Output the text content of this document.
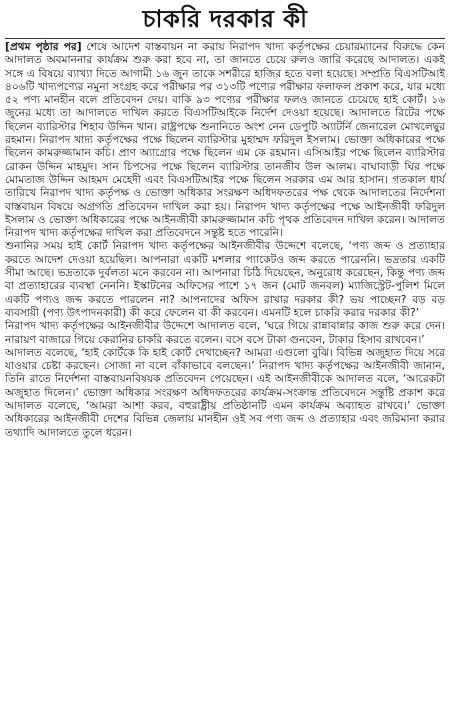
চাকরি দরকার কী

[প্রথম পৃষ্ঠার পর] শেষে আদেশ বাস্তবায়ন না করায় নিরাপদ খাদ্য কর্তৃপক্ষের চেয়ারম্যানের বিরুদ্ধে কেন আদালত অবমাননার কার্যক্রম শুরু করা হবে না, তা জানতে চেয়ে রুলও জারি করেছে আদালত। একই সঙ্গে এ বিষয়ে ব্যাখ্যা দিতে আগামী ১৬ জুন তাকে সশরীরে হাজির হতে বলা হয়েছে। সম্প্রতি বিএসটিআই ৪০৬টি খাদ্যপণ্যের নমুনা সংগ্রহ করে পরীক্ষার পর ৩১৩টি পণ্যের পরীক্ষার ফলাফল প্রকাশ করে, যার মধ্যে ৫২ পণ্য মানহীন বলে প্রতিবেদন দেয়। বাকি ৯৩ পণ্যের পরীক্ষার ফলও জানতে চেয়েছে হাই কোর্ট। ১৬ জুনের মধ্যে তা আদালতে দাখিল করতে বিএসটিআইকে নির্দেশ দেওয়া হয়েছে। আদালতে রিটের পক্ষে ছিলেন ব্যারিস্টার শিহাব উদ্দিন খান। রাষ্ট্রপক্ষে শুনানিতে অংশ নেন ডেপুটি অ্যাটর্নি জেনারেল মোখলেছুর রহমান। নিরাপদ খাদ্য কর্তৃপক্ষের পক্ষে ছিলেন ব্যারিস্টার মুহাম্মদ ফরিদুল ইসলাম। ভোক্তা অধিকারের পক্ষে ছিলেন কামরুজ্জামান কচি। প্রাণ অ্যাগ্রোর পক্ষে ছিলেন এম কে রহমান। এসিআইর পক্ষে ছিলেন ব্যারিস্টার রোকন উদ্দিন মাহমুদ। সান চিপসের পক্ষে ছিলেন ব্যারিস্টার তানজীব উল আলম। বাঘাবাড়ী ঘির পক্ষে মোমতাজ উদ্দিন আহমদ মেহেদী এবং বিএসটিআইর পক্ষে ছিলেন সরকার এম আর হাসান। গতকাল ধার্য তারিখে নিরাপদ খাদ্য কর্তৃপক্ষ ও ভোক্তা অধিকার সংরক্ষণ অধিদফতরের পক্ষ থেকে আদালতের নির্দেশনা বাস্তবায়ন বিষয়ে অগ্রগতি প্রতিবেদন দাখিল করা হয়। নিরাপদ খাদ্য কর্তৃপক্ষের পক্ষে আইনজীবী ফরিদুল ইসলাম ও ভোক্তা অধিকারের পক্ষে আইনজীবী কামরুজ্জামান কচি পৃথক প্রতিবেদন দাখিল করেন। আদালত নিরাপদ খাদ্য কর্তৃপক্ষের দাখিল করা প্রতিবেদনে সন্তুষ্ট হতে পারেনি।

শুনানির সময় হাই কোর্ট নিরাপদ খাদ্য কর্তৃপক্ষের আইনজীবীর উদ্দেশে বলেছে, ‘পণ্য জব্দ ও প্রত্যাহার করতে আদেশ দেওয়া হয়েছিল। আপনারা একটি মশলার প্যাকেটও জব্দ করতে পারেননি। ভদ্রতার একটি সীমা আছে। ভদ্রতাকে দুর্বলতা মনে করবেন না। আপনারা চিঠি দিয়েছেন, অনুরোধ করেছেন, কিন্তু পণ্য জব্দ বা প্রত্যাহারের ব্যবস্থা নেননি। ইস্কাটনের অফিসের পাশে ১৭ জন (মোট জনবল) ম্যাজিস্ট্রেট-পুলিশ মিলে একটি পণ্যও জব্দ করতে পারলেন না? আপনাদের অফিস রাখার দরকার কী? ভয় পাচ্ছেন? বড় বড় ব্যবসায়ী (পণ্য উৎপাদনকারী) কী করে ফেলেন বা কী করবেন। এমনটি হলে চাকরি করার দরকার কী?’

নিরাপদ খাদ্য কর্তৃপক্ষের আইনজীবীর উদ্দেশে আদালত বলে, ‘ঘরে গিয়ে রান্নাবান্নার কাজ শুরু করে দেন। নারায়ণ বাজারে গিয়ে কেরানির চাকরি করতে বলেন। বসে বসে টাকা গুনবেন, টাকার হিসাব রাখবেন।’

আদালত বলেছে, ‘হাই কোর্টকে কি হাই কোর্ট দেখাচ্ছেন? আমরা এগুলো বুঝি। বিভিন্ন অজুহাত দিয়ে সরে যাওয়ার চেষ্টা করছেন। সোজা না বলে বাঁকাভাবে বলছেন।’ নিরাপদ খাদ্য কর্তৃপক্ষের আইনজীবী জানান, তিনি রাতে নির্দেশনা বাস্তবায়নবিষয়ক প্রতিবেদন পেয়েছেন। এই আইনজীবীকে আদালত বলে, ‘আরেকটা অজুহাত দিলেন।’ ভোক্তা অধিকার সংরক্ষণ অধিদফতরের কার্যক্রম-সংক্রান্ত প্রতিবেদনে সন্তুষ্টি প্রকাশ করে আদালত বলেছে, ‘আমরা আশা করব, বহুরাষ্ট্রীয় প্রতিষ্ঠানটি এমন কার্যক্রম অব্যাহত রাখবে।’ ভোক্তা অধিকারের আইনজীবী দেশের বিভিন্ন জেলায় মানহীন ওই সব পণ্য জব্দ ও প্রত্যাহার এবং জরিমানা করার তথ্যাদি আদালতে তুলে ধরেন।
